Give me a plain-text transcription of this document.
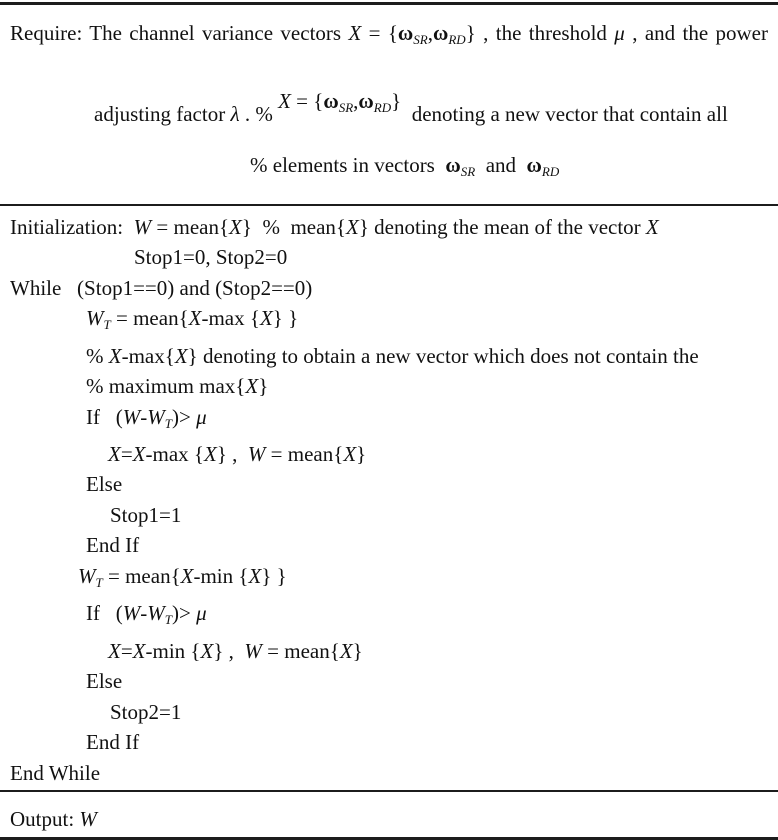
Require: The channel variance vectors X = {ωSR,ωRD} , the threshold μ , and the power
adjusting factor λ . % $X = \{\omega^{SR},\omega^{RD}\}$  denoting a new vector that contain all
% elements in vectors  ωSR  and  ωRD
Initialization:  W = mean{X}  %  mean{X} denoting the mean of the vector X
Stop1=0, Stop2=0
While   (Stop1==0) and (Stop2==0)
WT = mean{X-max {X} }
% X-max{X} denoting to obtain a new vector which does not contain the
% maximum max{X}
If   (W-WT)> μ
X=X-max {X} ,  W = mean{X}
Else
Stop1=1
End If
WT = mean{X-min {X} }
If   (W-WT)> μ
X=X-min {X} ,  W = mean{X}
Else
Stop2=1
End If
End While
Output: W
